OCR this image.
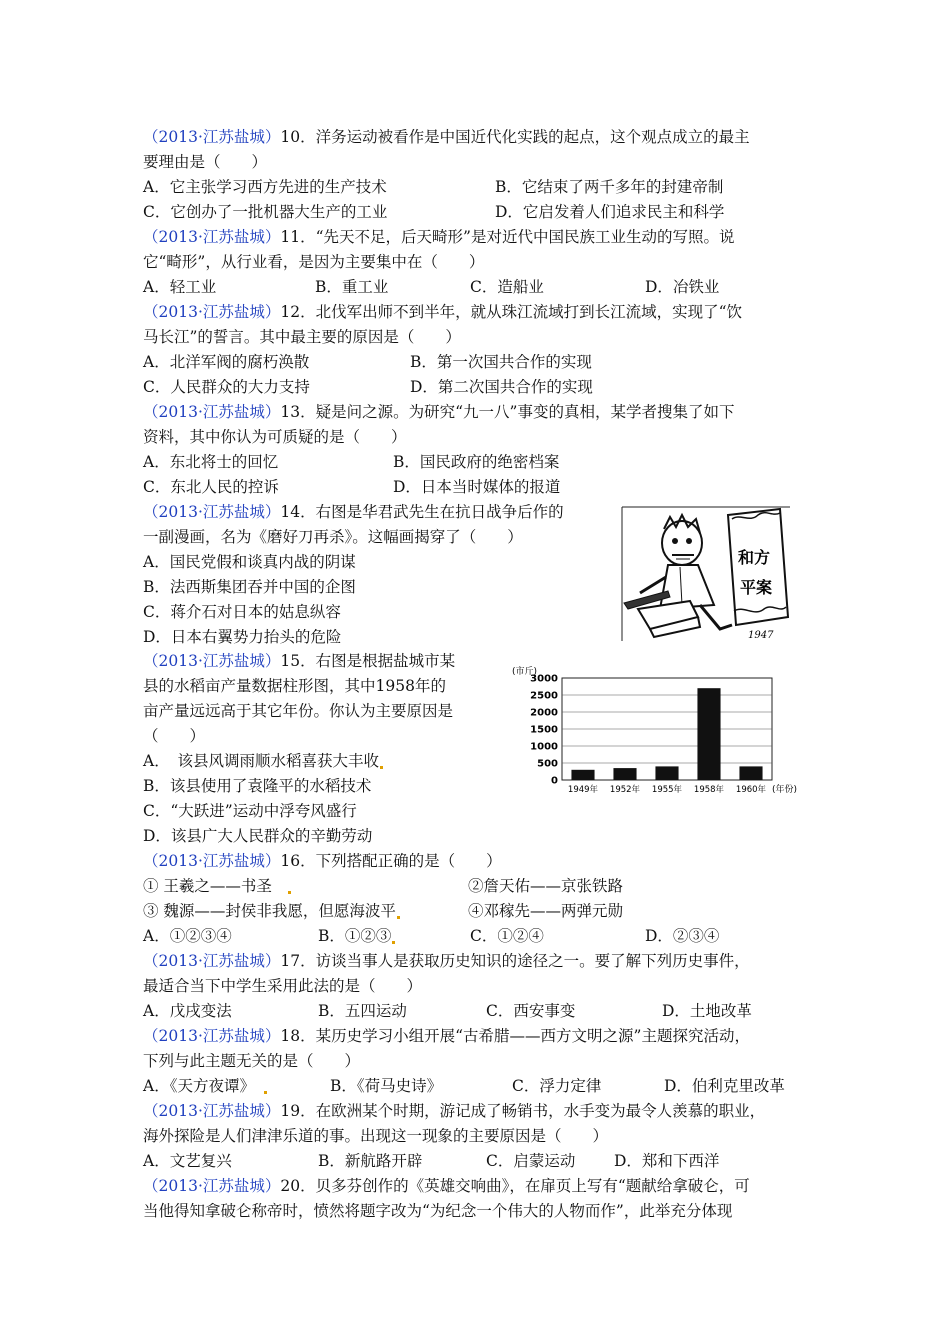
（2013·江苏盐城）10．洋务运动被看作是中国近代化实践的起点，这个观点成立的最主
要理由是（　　）
A．它主张学习西方先进的生产技术	B．它结束了两千多年的封建帝制
C．它创办了一批机器大生产的工业	D．它启发着人们追求民主和科学
（2013·江苏盐城）11．“先天不足，后天畸形”是对近代中国民族工业生动的写照。说
它“畸形”，从行业看，是因为主要集中在（　　）
A．轻工业	B．重工业	C．造船业	D．冶铁业
（2013·江苏盐城）12．北伐军出师不到半年，就从珠江流域打到长江流域，实现了“饮
马长江”的誓言。其中最主要的原因是（　　）
A．北洋军阀的腐朽涣散	B．第一次国共合作的实现
C．人民群众的大力支持	D．第二次国共合作的实现
（2013·江苏盐城）13．疑是问之源。为研究“九一八”事变的真相，某学者搜集了如下
资料，其中你认为可质疑的是（　　）
A．东北将士的回忆	B．国民政府的绝密档案
C．东北人民的控诉	D．日本当时媒体的报道
（2013·江苏盐城）14．右图是华君武先生在抗日战争后作的
一副漫画，名为《磨好刀再杀》。这幅画揭穿了（　　）
A．国民党假和谈真内战的阴谋
B．法西斯集团吞并中国的企图
C．蒋介石对日本的姑息纵容
D．日本右翼势力抬头的危险
和方
平案
1947
（2013·江苏盐城）15．右图是根据盐城市某
县的水稻亩产量数据柱形图，其中1958年的
亩产量远远高于其它年份。你认为主要原因是
（　　）
A．　该县风调雨顺水稻喜获大丰收
B．该县使用了袁隆平的水稻技术
C．“大跃进”运动中浮夸风盛行
D．该县广大人民群众的辛勤劳动
(市斤)
0
500
1000
1500
2000
2500
3000
1949年 1952年 1955年 1958年 1960年 (年份)
（2013·江苏盐城）16．下列搭配正确的是（　　）
① 王羲之——书圣　	②詹天佑——京张铁路
③ 魏源——封侯非我愿，但愿海波平	④邓稼先——两弹元勋
A．①②③④	B．①②③	C．①②④	D．②③④
（2013·江苏盐城）17．访谈当事人是获取历史知识的途径之一。要了解下列历史事件，
最适合当下中学生采用此法的是（　　）
A．戊戌变法	B．五四运动	C．西安事变	D．土地改革
（2013·江苏盐城）18．某历史学习小组开展“古希腊——西方文明之源”主题探究活动，
下列与此主题无关的是（　　）
A．《天方夜谭》　	B．《荷马史诗》	C．浮力定律	D．伯利克里改革
（2013·江苏盐城）19．在欧洲某个时期，游记成了畅销书，水手变为最令人羡慕的职业，
海外探险是人们津津乐道的事。出现这一现象的主要原因是（　　）
A．文艺复兴	B．新航路开辟	C．启蒙运动 D．郑和下西洋
（2013·江苏盐城）20．贝多芬创作的《英雄交响曲》，在扉页上写有“题献给拿破仑，可
当他得知拿破仑称帝时，愤然将题字改为“为纪念一个伟大的人物而作”，此举充分体现
